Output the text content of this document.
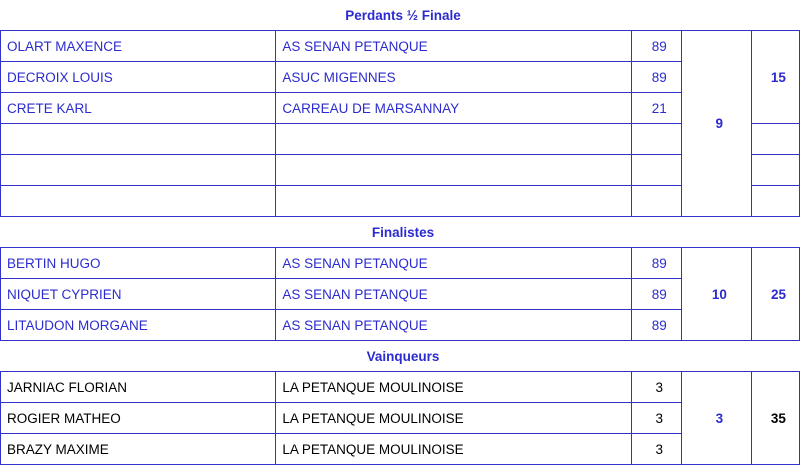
Perdants ½ Finale				
OLART MAXENCE	AS SENAN PETANQUE	89	9	15
DECROIX LOUIS	ASUC MIGENNES	89		
CRETE KARL	CARREAU DE MARSANNAY	21		

Finalistes				
BERTIN HUGO	AS SENAN PETANQUE	89	10	25
NIQUET CYPRIEN	AS SENAN PETANQUE	89		
LITAUDON MORGANE	AS SENAN PETANQUE	89		
Vainqueurs				
JARNIAC FLORIAN	LA PETANQUE MOULINOISE	3	3	35
ROGIER MATHEO	LA PETANQUE MOULINOISE	3		
BRAZY MAXIME	LA PETANQUE MOULINOISE	3		
